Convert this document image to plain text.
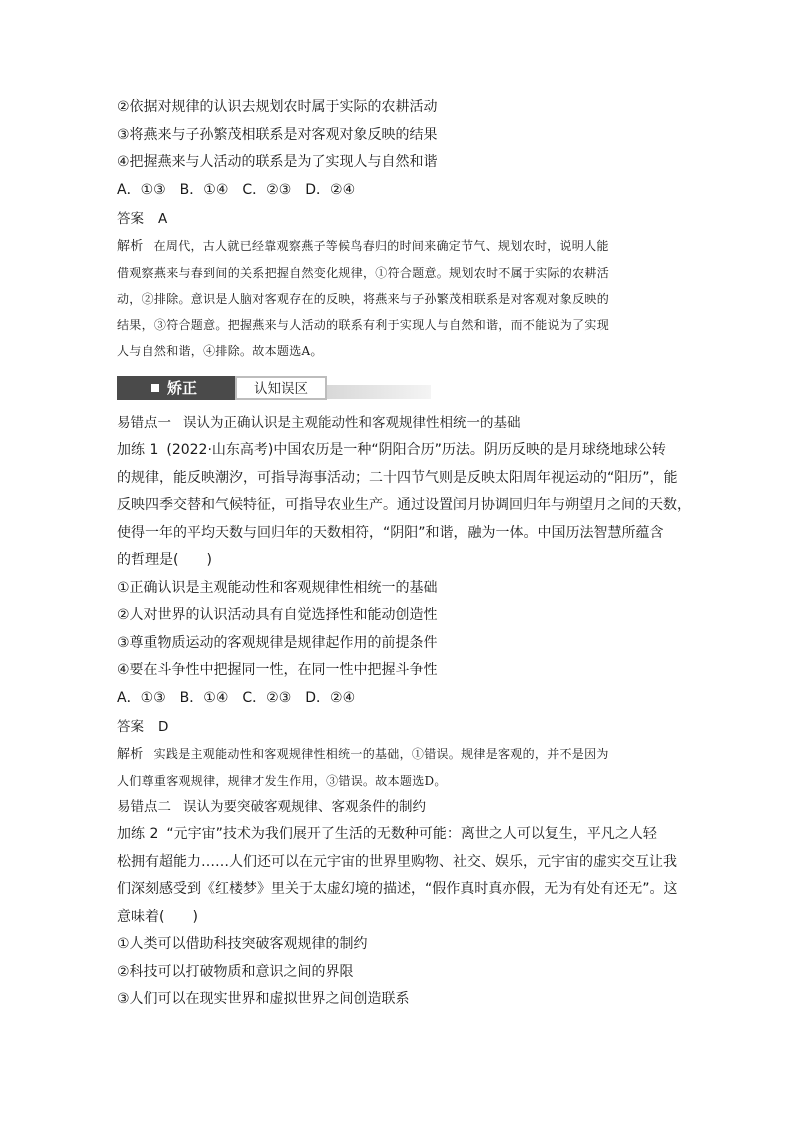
②依据对规律的认识去规划农时属于实际的农耕活动
③将燕来与子孙繁茂相联系是对客观对象反映的结果
④把握燕来与人活动的联系是为了实现人与自然和谐
A．①③　B．①④　C．②③　D．②④
答案 A
解析 在周代，古人就已经靠观察燕子等候鸟春归的时间来确定节气、规划农时，说明人能
借观察燕来与春到间的关系把握自然变化规律，①符合题意。规划农时不属于实际的农耕活
动，②排除。意识是人脑对客观存在的反映，将燕来与子孙繁茂相联系是对客观对象反映的
结果，③符合题意。把握燕来与人活动的联系有利于实现人与自然和谐，而不能说为了实现
人与自然和谐，④排除。故本题选A。
矫正	认知误区
易错点一 误认为正确认识是主观能动性和客观规律性相统一的基础
加练 1 (2022·山东高考)中国农历是一种“阴阳合历”历法。阴历反映的是月球绕地球公转
的规律，能反映潮汐，可指导海事活动；二十四节气则是反映太阳周年视运动的“阳历”，能
反映四季交替和气候特征，可指导农业生产。通过设置闰月协调回归年与朔望月之间的天数，
使得一年的平均天数与回归年的天数相符，“阴阳”和谐，融为一体。中国历法智慧所蕴含
的哲理是(　　)
①正确认识是主观能动性和客观规律性相统一的基础
②人对世界的认识活动具有自觉选择性和能动创造性
③尊重物质运动的客观规律是规律起作用的前提条件
④要在斗争性中把握同一性，在同一性中把握斗争性
A．①③　B．①④　C．②③　D．②④
答案 D
解析 实践是主观能动性和客观规律性相统一的基础，①错误。规律是客观的，并不是因为
人们尊重客观规律，规律才发生作用，③错误。故本题选D。
易错点二 误认为要突破客观规律、客观条件的制约
加练 2 “元宇宙”技术为我们展开了生活的无数种可能：离世之人可以复生，平凡之人轻
松拥有超能力……人们还可以在元宇宙的世界里购物、社交、娱乐，元宇宙的虚实交互让我
们深刻感受到《红楼梦》里关于太虚幻境的描述，“假作真时真亦假，无为有处有还无”。这
意味着(　　)
①人类可以借助科技突破客观规律的制约
②科技可以打破物质和意识之间的界限
③人们可以在现实世界和虚拟世界之间创造联系
